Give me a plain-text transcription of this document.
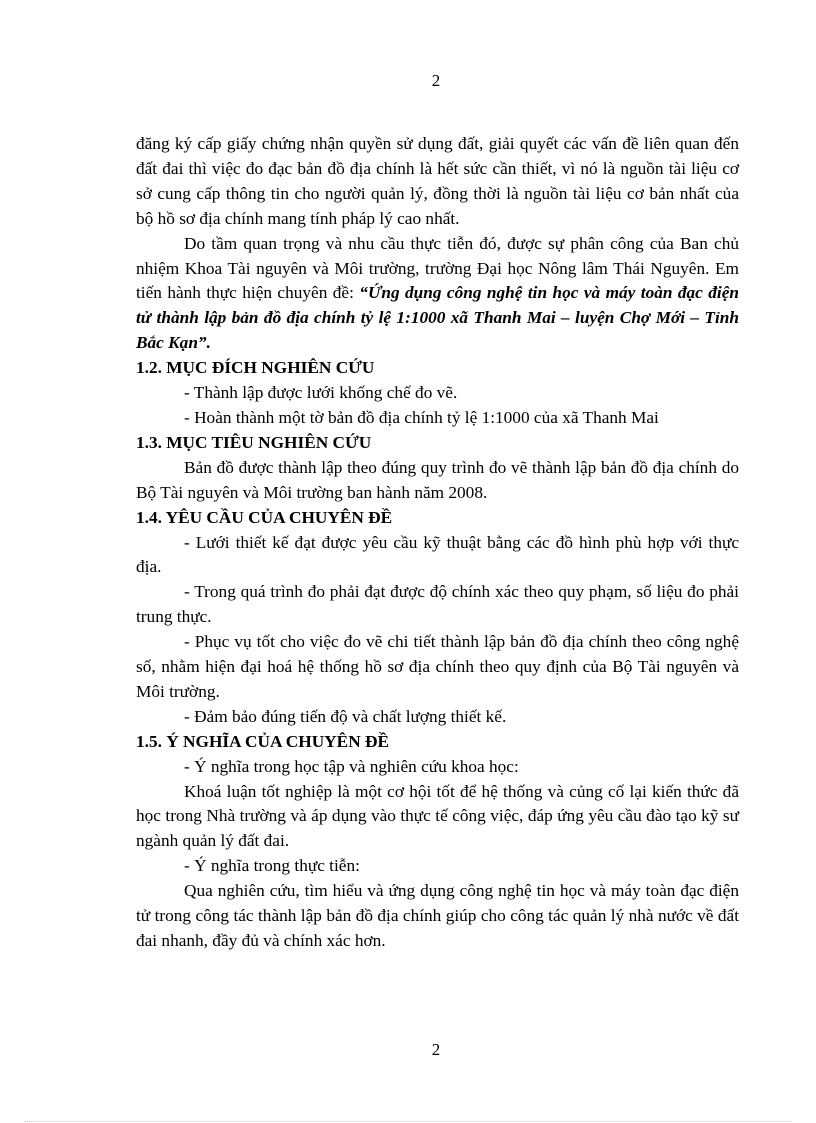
2

đăng ký cấp giấy chứng nhận quyền sử dụng đất, giải quyết các vấn đề liên quan đến đất đai thì việc đo đạc bản đồ địa chính là hết sức cần thiết, vì nó là nguồn tài liệu cơ sở cung cấp thông tin cho người quản lý, đồng thời là nguồn tài liệu cơ bản nhất của bộ hồ sơ địa chính mang tính pháp lý cao nhất.

Do tầm quan trọng và nhu cầu thực tiễn đó, được sự phân công của Ban chủ nhiệm Khoa Tài nguyên và Môi trường, trường Đại học Nông lâm Thái Nguyên. Em tiến hành thực hiện chuyên đề: “Ứng dụng công nghệ tin học và máy toàn đạc điện tử thành lập bản đồ địa chính tỷ lệ 1:1000 xã Thanh Mai – luyện Chợ Mới – Tỉnh Bắc Kạn”.

1.2. MỤC ĐÍCH NGHIÊN CỨU

- Thành lập được lưới khống chế đo vẽ.

- Hoàn thành một tờ bản đồ địa chính tỷ lệ 1:1000 của xã Thanh Mai

1.3. MỤC TIÊU NGHIÊN CỨU

Bản đồ được thành lập theo đúng quy trình đo vẽ thành lập bản đồ địa chính do Bộ Tài nguyên và Môi trường ban hành năm 2008.

1.4. YÊU CẦU CỦA CHUYÊN ĐỀ

- Lưới thiết kế đạt được yêu cầu kỹ thuật bằng các đồ hình phù hợp với thực địa.

- Trong quá trình đo phải đạt được độ chính xác theo quy phạm, số liệu đo phải trung thực.

- Phục vụ tốt cho việc đo vẽ chi tiết thành lập bản đồ địa chính theo công nghệ số, nhằm hiện đại hoá hệ thống hồ sơ địa chính theo quy định của Bộ Tài nguyên và Môi trường.

- Đảm bảo đúng tiến độ và chất lượng thiết kế.

1.5. Ý NGHĨA CỦA CHUYÊN ĐỀ

- Ý nghĩa trong học tập và nghiên cứu khoa học:

Khoá luận tốt nghiệp là một cơ hội tốt để hệ thống và củng cố lại kiến thức đã học trong Nhà trường và áp dụng vào thực tế công việc, đáp ứng yêu cầu đào tạo kỹ sư ngành quản lý đất đai.

- Ý nghĩa trong thực tiễn:

Qua nghiên cứu, tìm hiểu và ứng dụng công nghệ tin học và máy toàn đạc điện tử trong công tác thành lập bản đồ địa chính giúp cho công tác quản lý nhà nước về đất đai nhanh, đầy đủ và chính xác hơn.

2
